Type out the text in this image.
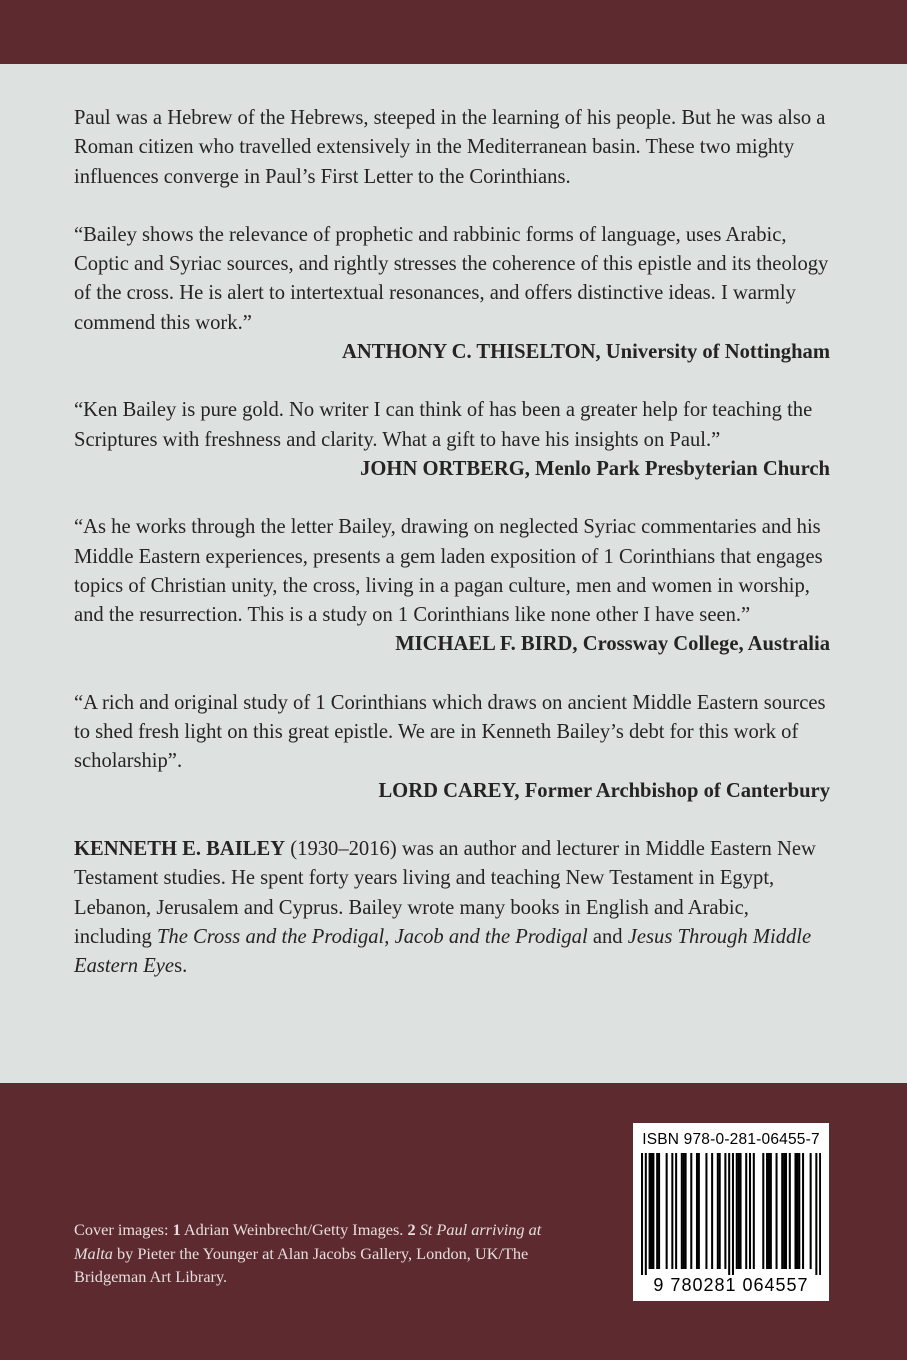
Paul was a Hebrew of the Hebrews, steeped in the learning of his people. But he was also a Roman citizen who travelled extensively in the Mediterranean basin. These two mighty influences converge in Paul’s First Letter to the Corinthians.

“Bailey shows the relevance of prophetic and rabbinic forms of language, uses Arabic, Coptic and Syriac sources, and rightly stresses the coherence of this epistle and its theology of the cross. He is alert to intertextual resonances, and offers distinctive ideas. I warmly commend this work.”

ANTHONY C. THISELTON, University of Nottingham

“Ken Bailey is pure gold. No writer I can think of has been a greater help for teaching the Scriptures with freshness and clarity. What a gift to have his insights on Paul.”

JOHN ORTBERG, Menlo Park Presbyterian Church

“As he works through the letter Bailey, drawing on neglected Syriac commentaries and his Middle Eastern experiences, presents a gem laden exposition of 1 Corinthians that engages topics of Christian unity, the cross, living in a pagan culture, men and women in worship, and the resurrection. This is a study on 1 Corinthians like none other I have seen.”

MICHAEL F. BIRD, Crossway College, Australia

“A rich and original study of 1 Corinthians which draws on ancient Middle Eastern sources to shed fresh light on this great epistle. We are in Kenneth Bailey’s debt for this work of scholarship”.

LORD CAREY, Former Archbishop of Canterbury

KENNETH E. BAILEY (1930–2016) was an author and lecturer in Middle Eastern New Testament studies. He spent forty years living and teaching New Testament in Egypt, Lebanon, Jerusalem and Cyprus. Bailey wrote many books in English and Arabic, including The Cross and the Prodigal, Jacob and the Prodigal and Jesus Through Middle Eastern Eyes.

Cover images: 1 Adrian Weinbrecht/Getty Images. 2 St Paul arriving at Malta by Pieter the Younger at Alan Jacobs Gallery, London, UK/The Bridgeman Art Library.
ISBN 978-0-281-06455-7
9 780281 064557
